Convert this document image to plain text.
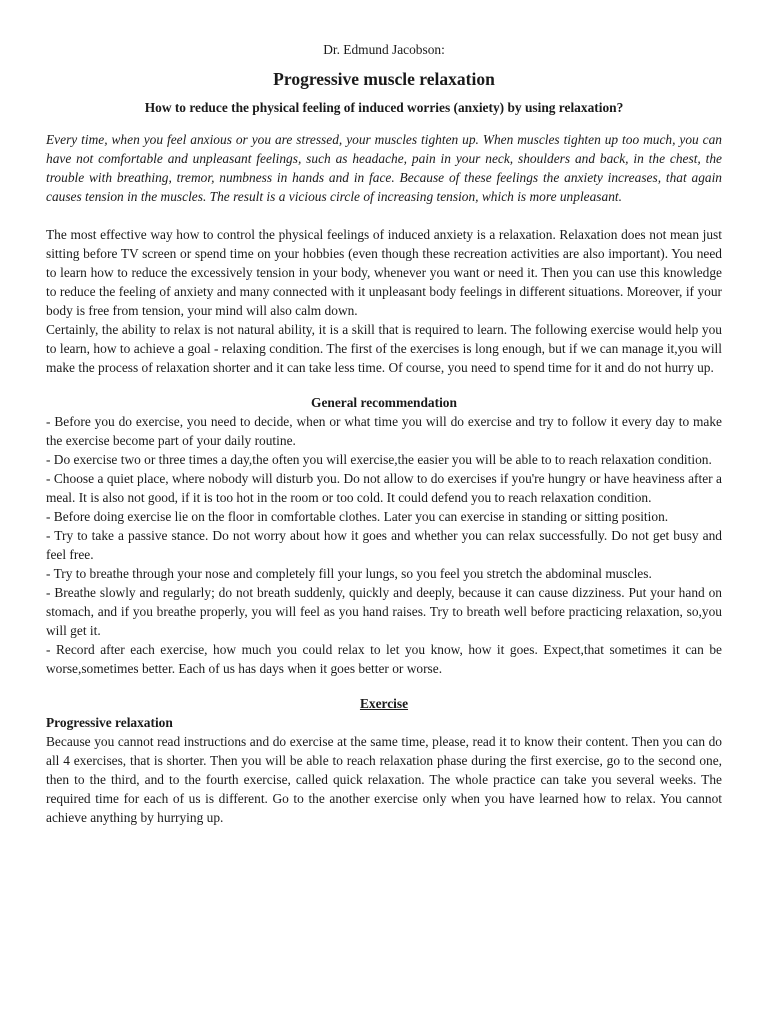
Dr. Edmund Jacobson:

Progressive muscle relaxation

How to reduce the physical feeling of induced worries (anxiety) by using relaxation?

Every time, when you feel anxious or you are stressed, your muscles tighten up. When muscles tighten up too much, you can have not comfortable and unpleasant feelings, such as headache, pain in your neck, shoulders and back, in the chest, the trouble with breathing, tremor, numbness in hands and in face. Because of these feelings the anxiety increases, that again causes tension in the muscles. The result is a vicious circle of increasing tension, which is more unpleasant.

The most effective way how to control the physical feelings of induced anxiety is a relaxation. Relaxation does not mean just sitting before TV screen or spend time on your hobbies (even though these recreation activities are also important). You need to learn how to reduce the excessively tension in your body, whenever you want or need it. Then you can use this knowledge to reduce the feeling of anxiety and many connected with it unpleasant body feelings in different situations. Moreover, if your body is free from tension, your mind will also calm down.

Certainly, the ability to relax is not natural ability, it is a skill that is required to learn. The following exercise would help you to learn, how to achieve a goal - relaxing condition. The first of the exercises is long enough, but if we can manage it,you will make the process of relaxation shorter and it can take less time. Of course, you need to spend time for it and do not hurry up.

General recommendation

- Before you do exercise, you need to decide, when or what time you will do exercise and try to follow it every day to make the exercise become part of your daily routine.

- Do exercise two or three times a day,the often you will exercise,the easier you will be able to to reach relaxation condition.

- Choose a quiet place, where nobody will disturb you. Do not allow to do exercises if you're hungry or have heaviness after a meal. It is also not good, if it is too hot in the room or too cold. It could defend you to reach relaxation condition.

- Before doing exercise lie on the floor in comfortable clothes. Later you can exercise in standing or sitting position.

- Try to take a passive stance. Do not worry about how it goes and whether you can relax successfully. Do not get busy and feel free.

- Try to breathe through your nose and completely fill your lungs, so you feel you stretch the abdominal muscles.

- Breathe slowly and regularly; do not breath suddenly, quickly and deeply, because it can cause dizziness. Put your hand on stomach, and if you breathe properly, you will feel as you hand raises. Try to breath well before practicing relaxation, so,you will get it.

- Record after each exercise, how much you could relax to let you know, how it goes. Expect,that sometimes it can be worse,sometimes better. Each of us has days when it goes better or worse.

Exercise

Progressive relaxation

Because you cannot read instructions and do exercise at the same time, please, read it to know their content. Then you can do all 4 exercises, that is shorter. Then you will be able to reach relaxation phase during the first exercise, go to the second one, then to the third, and to the fourth exercise, called quick relaxation. The whole practice can take you several weeks. The required time for each of us is different. Go to the another exercise only when you have learned how to relax. You cannot achieve anything by hurrying up.
